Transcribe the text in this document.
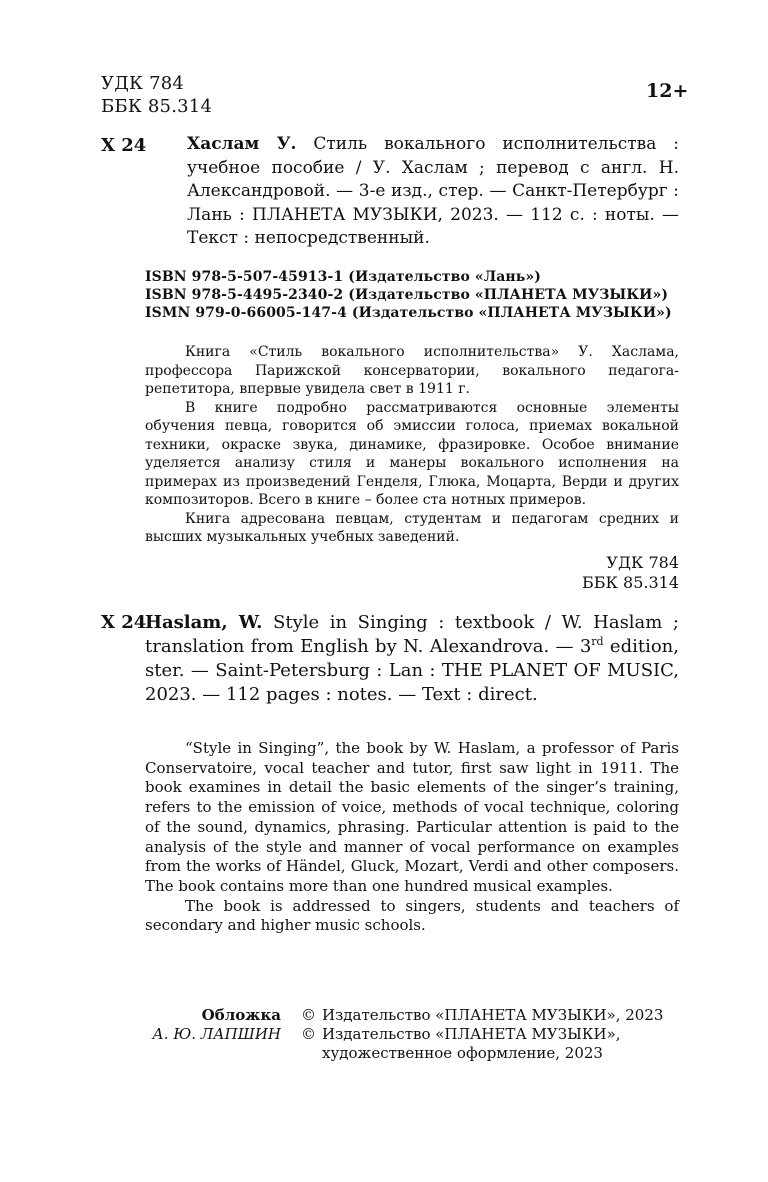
УДК 784
ББК 85.314
12+
Х 24 Хаслам У. Стиль вокального исполнительства : учебное пособие / У. Хаслам ; перевод с англ. Н. Александровой. — 3-е изд., стер. — Санкт-Петербург : Лань : ПЛАНЕТА МУЗЫКИ, 2023. — 112 с. : ноты. — Текст : непосредственный.
ISBN 978-5-507-45913-1 (Издательство «Лань»)
ISBN 978-5-4495-2340-2 (Издательство «ПЛАНЕТА МУЗЫКИ»)
ISMN 979-0-66005-147-4 (Издательство «ПЛАНЕТА МУЗЫКИ»)

Книга «Стиль вокального исполнительства» У. Хаслама, профессора Парижской консерватории, вокального педагога-репетитора, впервые увидела свет в 1911 г.

В книге подробно рассматриваются основные элементы обучения певца, говорится об эмиссии голоса, приемах вокальной техники, окраске звука, динамике, фразировке. Особое внимание уделяется анализу стиля и манеры вокального исполнения на примерах из произведений Генделя, Глюка, Моцарта, Верди и других композиторов. Всего в книге – более ста нотных примеров.

Книга адресована певцам, студентам и педагогам средних и высших музыкальных учебных заведений.

УДК 784
ББК 85.314
Х 24
Haslam, W. Style in Singing : textbook / W. Haslam ; translation from English by N. Alexandrova. — 3rd edition, ster. — Saint-Petersburg : Lan : THE PLANET OF MUSIC, 2023. — 112 pages : notes. — Text : direct.

“Style in Singing”, the book by W. Haslam, a professor of Paris Conservatoire, vocal teacher and tutor, first saw light in 1911. The book examines in detail the basic elements of the singer’s training, refers to the emission of voice, methods of vocal technique, coloring of the sound, dynamics, phrasing. Particular attention is paid to the analysis of the style and manner of vocal performance on examples from the works of Händel, Gluck, Mozart, Verdi and other composers. The book contains more than one hundred musical examples.

The book is addressed to singers, students and teachers of secondary and higher music schools.

Обложка
А. Ю. ЛАПШИН
© Издательство «ПЛАНЕТА МУЗЫКИ», 2023
© Издательство «ПЛАНЕТА МУЗЫКИ»,
художественное оформление, 2023
